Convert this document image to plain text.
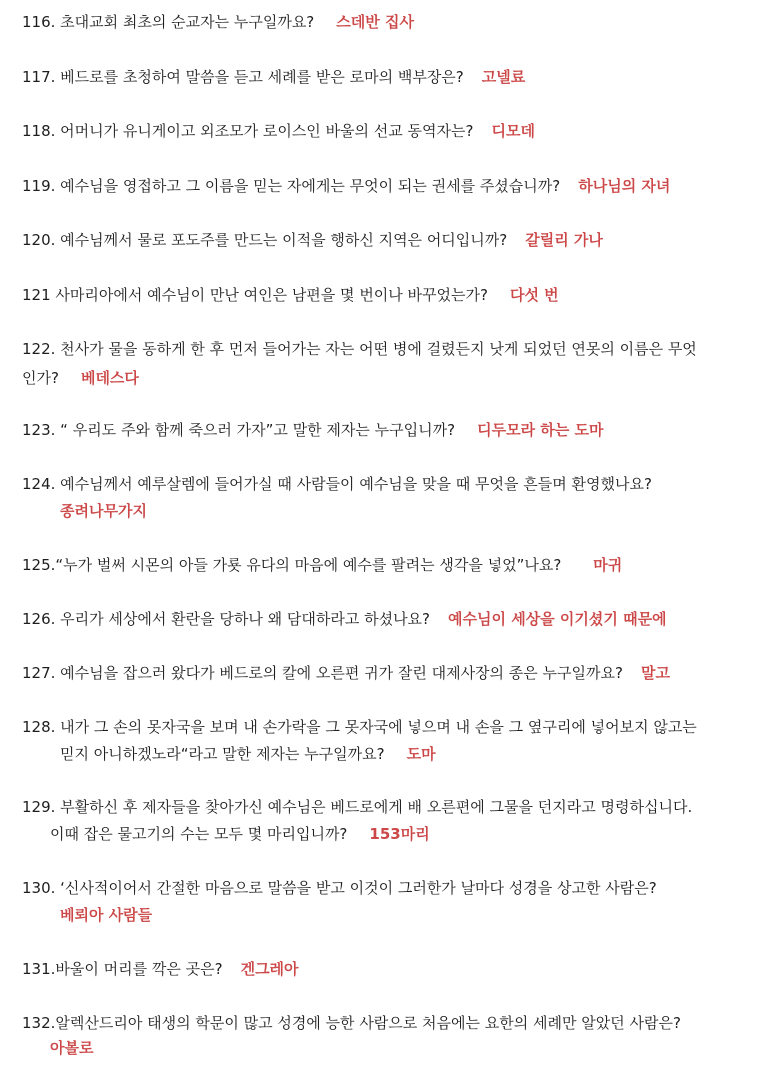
116. 초대교회 최초의 순교자는 누구일까요? 스데반 집사
117. 베드로를 초청하여 말씀을 듣고 세례를 받은 로마의 백부장은? 고넬료
118. 어머니가 유니게이고 외조모가 로이스인 바울의 선교 동역자는? 디모데
119. 예수님을 영접하고 그 이름을 믿는 자에게는 무엇이 되는 권세를 주셨습니까? 하나님의 자녀
120. 예수님께서 물로 포도주를 만드는 이적을 행하신 지역은 어디입니까? 갈릴리 가나
121 사마리아에서 예수님이 만난 여인은 남편을 몇 번이나 바꾸었는가? 다섯 번
122. 천사가 물을 동하게 한 후 먼저 들어가는 자는 어떤 병에 걸렸든지 낫게 되었던 연못의 이름은 무엇
인가? 베데스다
123. “ 우리도 주와 함께 죽으러 가자”고 말한 제자는 누구입니까? 디두모라 하는 도마
124. 예수님께서 예루살렘에 들어가실 때 사람들이 예수님을 맞을 때 무엇을 흔들며 환영했나요?
종려나무가지
125.“누가 벌써 시몬의 아들 가룟 유다의 마음에 예수를 팔려는 생각을 넣었”나요? 마귀
126. 우리가 세상에서 환란을 당하나 왜 담대하라고 하셨나요? 예수님이 세상을 이기셨기 때문에
127. 예수님을 잡으러 왔다가 베드로의 칼에 오른편 귀가 잘린 대제사장의 종은 누구일까요? 말고
128. 내가 그 손의 못자국을 보며 내 손가락을 그 못자국에 넣으며 내 손을 그 옆구리에 넣어보지 않고는
믿지 아니하겠노라“라고 말한 제자는 누구일까요? 도마
129. 부활하신 후 제자들을 찾아가신 예수님은 베드로에게 배 오른편에 그물을 던지라고 명령하십니다.
이때 잡은 물고기의 수는 모두 몇 마리입니까? 153마리
130. ‘신사적이어서 간절한 마음으로 말씀을 받고 이것이 그러한가 날마다 성경을 상고한 사람은?
베뢰아 사람들
131.바울이 머리를 깍은 곳은? 겐그레아
132.알렉산드리아 태생의 학문이 많고 성경에 능한 사람으로 처음에는 요한의 세례만 알았던 사람은?
아볼로
